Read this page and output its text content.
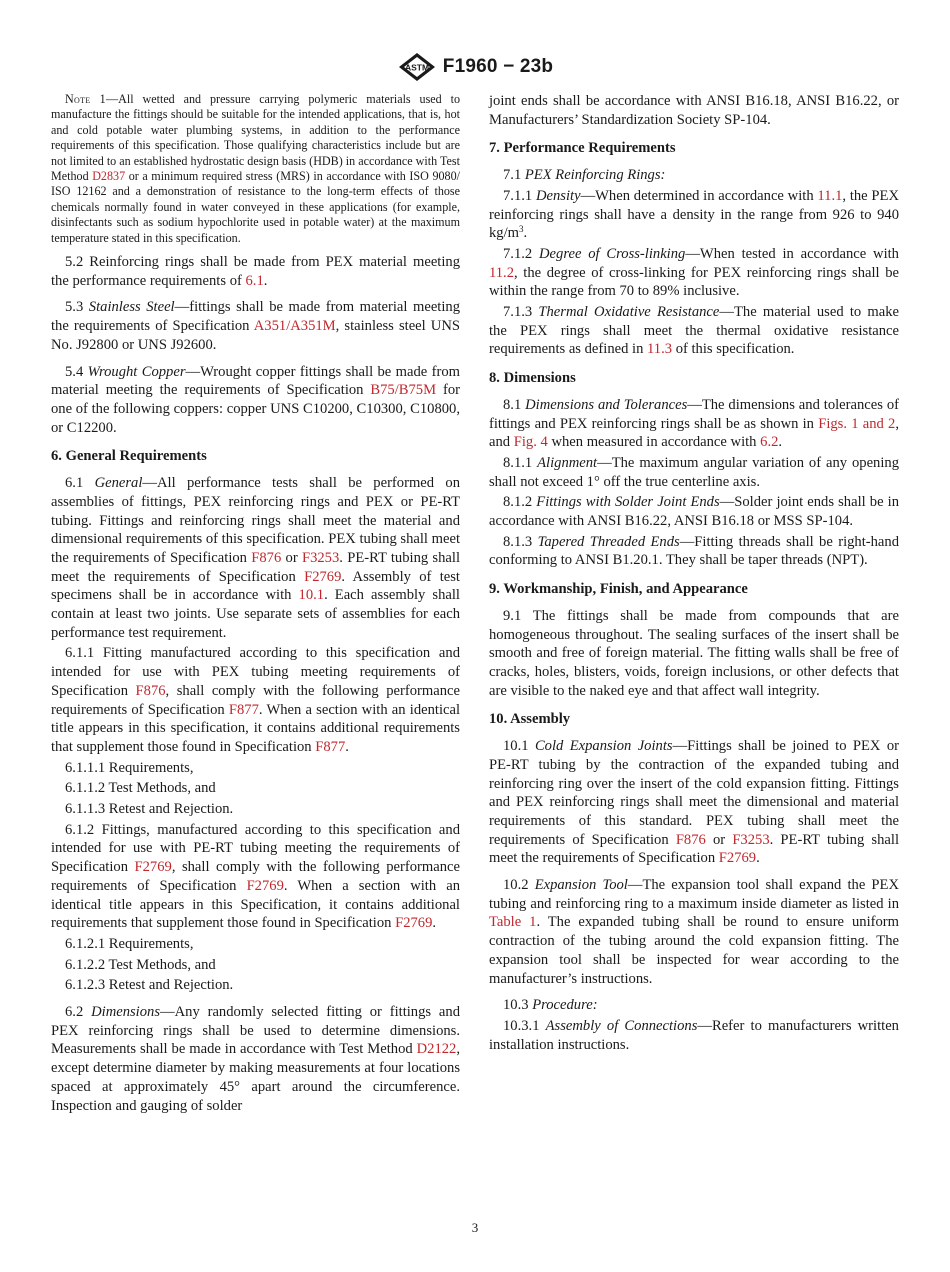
ASTM F1960 − 23b

Note 1—All wetted and pressure carrying polymeric materials used to manufacture the fittings should be suitable for the intended applications, that is, hot and cold potable water plumbing systems, in addition to the performance requirements of this specification. Those qualifying characteristics include but are not limited to an established hydrostatic design basis (HDB) in accordance with Test Method D2837 or a minimum required stress (MRS) in accordance with ISO 9080/ ISO 12162 and a demonstration of resistance to the long-term effects of those chemicals normally found in water conveyed in these applications (for example, disinfectants such as sodium hypochlorite used in potable water) at the maximum temperature stated in this specification.

5.2 Reinforcing rings shall be made from PEX material meeting the performance requirements of 6.1.

5.3 Stainless Steel—fittings shall be made from material meeting the requirements of Specification A351/A351M, stainless steel UNS No. J92800 or UNS J92600.

5.4 Wrought Copper—Wrought copper fittings shall be made from material meeting the requirements of Specification B75/B75M for one of the following coppers: copper UNS C10200, C10300, C10800, or C12200.

6. General Requirements

6.1 General—All performance tests shall be performed on assemblies of fittings, PEX reinforcing rings and PEX or PE-RT tubing. Fittings and reinforcing rings shall meet the material and dimensional requirements of this specification. PEX tubing shall meet the requirements of Specification F876 or F3253. PE-RT tubing shall meet the requirements of Specification F2769. Assembly of test specimens shall be in accordance with 10.1. Each assembly shall contain at least two joints. Use separate sets of assemblies for each performance test requirement.

6.1.1 Fitting manufactured according to this specification and intended for use with PEX tubing meeting requirements of Specification F876, shall comply with the following performance requirements of Specification F877. When a section with an identical title appears in this specification, it contains additional requirements that supplement those found in Specification F877.

6.1.1.1 Requirements,

6.1.1.2 Test Methods, and

6.1.1.3 Retest and Rejection.

6.1.2 Fittings, manufactured according to this specification and intended for use with PE-RT tubing meeting the requirements of Specification F2769, shall comply with the following performance requirements of Specification F2769. When a section with an identical title appears in this Specification, it contains additional requirements that supplement those found in Specification F2769.

6.1.2.1 Requirements,

6.1.2.2 Test Methods, and

6.1.2.3 Retest and Rejection.

6.2 Dimensions—Any randomly selected fitting or fittings and PEX reinforcing rings shall be used to determine dimensions. Measurements shall be made in accordance with Test Method D2122, except determine diameter by making measurements at four locations spaced at approximately 45° apart around the circumference. Inspection and gauging of solder

joint ends shall be accordance with ANSI B16.18, ANSI B16.22, or Manufacturers’ Standardization Society SP-104.

7. Performance Requirements

7.1 PEX Reinforcing Rings:

7.1.1 Density—When determined in accordance with 11.1, the PEX reinforcing rings shall have a density in the range from 926 to 940 $kg/m^3$.

7.1.2 Degree of Cross-linking—When tested in accordance with 11.2, the degree of cross-linking for PEX reinforcing rings shall be within the range from 70 to 89% inclusive.

7.1.3 Thermal Oxidative Resistance—The material used to make the PEX rings shall meet the thermal oxidative resistance requirements as defined in 11.3 of this specification.

8. Dimensions

8.1 Dimensions and Tolerances—The dimensions and tolerances of fittings and PEX reinforcing rings shall be as shown in Figs. 1 and 2, and Fig. 4 when measured in accordance with 6.2.

8.1.1 Alignment—The maximum angular variation of any opening shall not exceed 1° off the true centerline axis.

8.1.2 Fittings with Solder Joint Ends—Solder joint ends shall be in accordance with ANSI B16.22, ANSI B16.18 or MSS SP-104.

8.1.3 Tapered Threaded Ends—Fitting threads shall be right-hand conforming to ANSI B1.20.1. They shall be taper threads (NPT).

9. Workmanship, Finish, and Appearance

9.1 The fittings shall be made from compounds that are homogeneous throughout. The sealing surfaces of the insert shall be smooth and free of foreign material. The fitting walls shall be free of cracks, holes, blisters, voids, foreign inclusions, or other defects that are visible to the naked eye and that affect wall integrity.

10. Assembly

10.1 Cold Expansion Joints—Fittings shall be joined to PEX or PE-RT tubing by the contraction of the expanded tubing and reinforcing ring over the insert of the cold expansion fitting. Fittings and PEX reinforcing rings shall meet the dimensional and material requirements of this standard. PEX tubing shall meet the requirements of Specification F876 or F3253. PE-RT tubing shall meet the requirements of Specification F2769.

10.2 Expansion Tool—The expansion tool shall expand the PEX tubing and reinforcing ring to a maximum inside diameter as listed in Table 1. The expanded tubing shall be round to ensure uniform contraction of the tubing around the cold expansion fitting. The expansion tool shall be inspected for wear according to the manufacturer’s instructions.

10.3 Procedure:

10.3.1 Assembly of Connections—Refer to manufacturers written installation instructions.

3
